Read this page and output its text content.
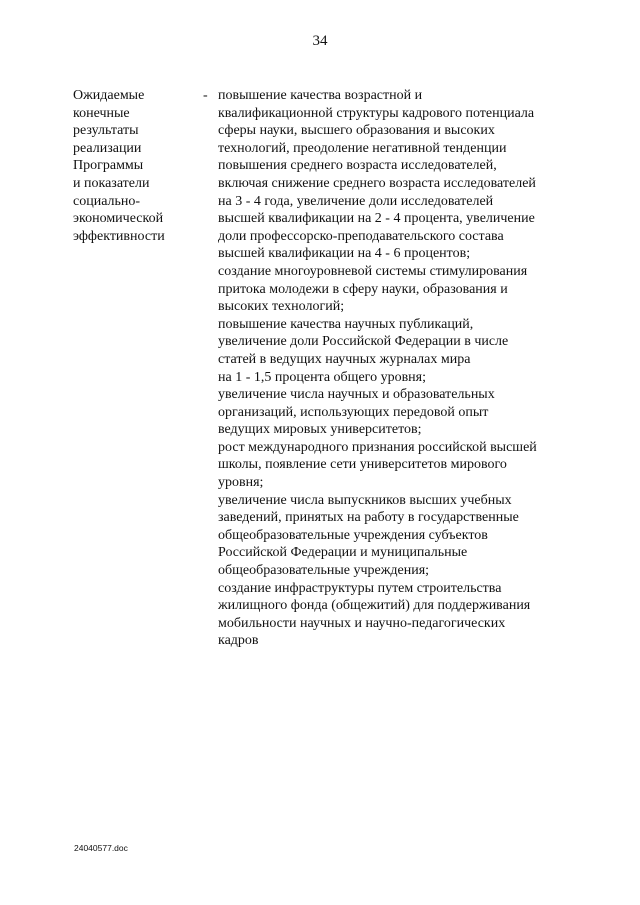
34
Ожидаемые
конечные
результаты
реализации
Программы
и показатели
социально-
экономической
эффективности
- повышение качества возрастной и
квалификационной структуры кадрового потенциала
сферы науки, высшего образования и высоких
технологий, преодоление негативной тенденции
повышения среднего возраста исследователей,
включая снижение среднего возраста исследователей
на 3 - 4 года, увеличение доли исследователей
высшей квалификации на 2 - 4 процента, увеличение
доли профессорско-преподавательского состава
высшей квалификации на 4 - 6 процентов;
создание многоуровневой системы стимулирования
притока молодежи в сферу науки, образования и
высоких технологий;
повышение качества научных публикаций,
увеличение доли Российской Федерации в числе
статей в ведущих научных журналах мира
на 1 - 1,5 процента общего уровня;
увеличение числа научных и образовательных
организаций, использующих передовой опыт
ведущих мировых университетов;
рост международного признания российской высшей
школы, появление сети университетов мирового
уровня;
увеличение числа выпускников высших учебных
заведений, принятых на работу в государственные
общеобразовательные учреждения субъектов
Российской Федерации и муниципальные
общеобразовательные учреждения;
создание инфраструктуры путем строительства
жилищного фонда (общежитий) для поддерживания
мобильности научных и научно-педагогических
кадров
24040577.doc
